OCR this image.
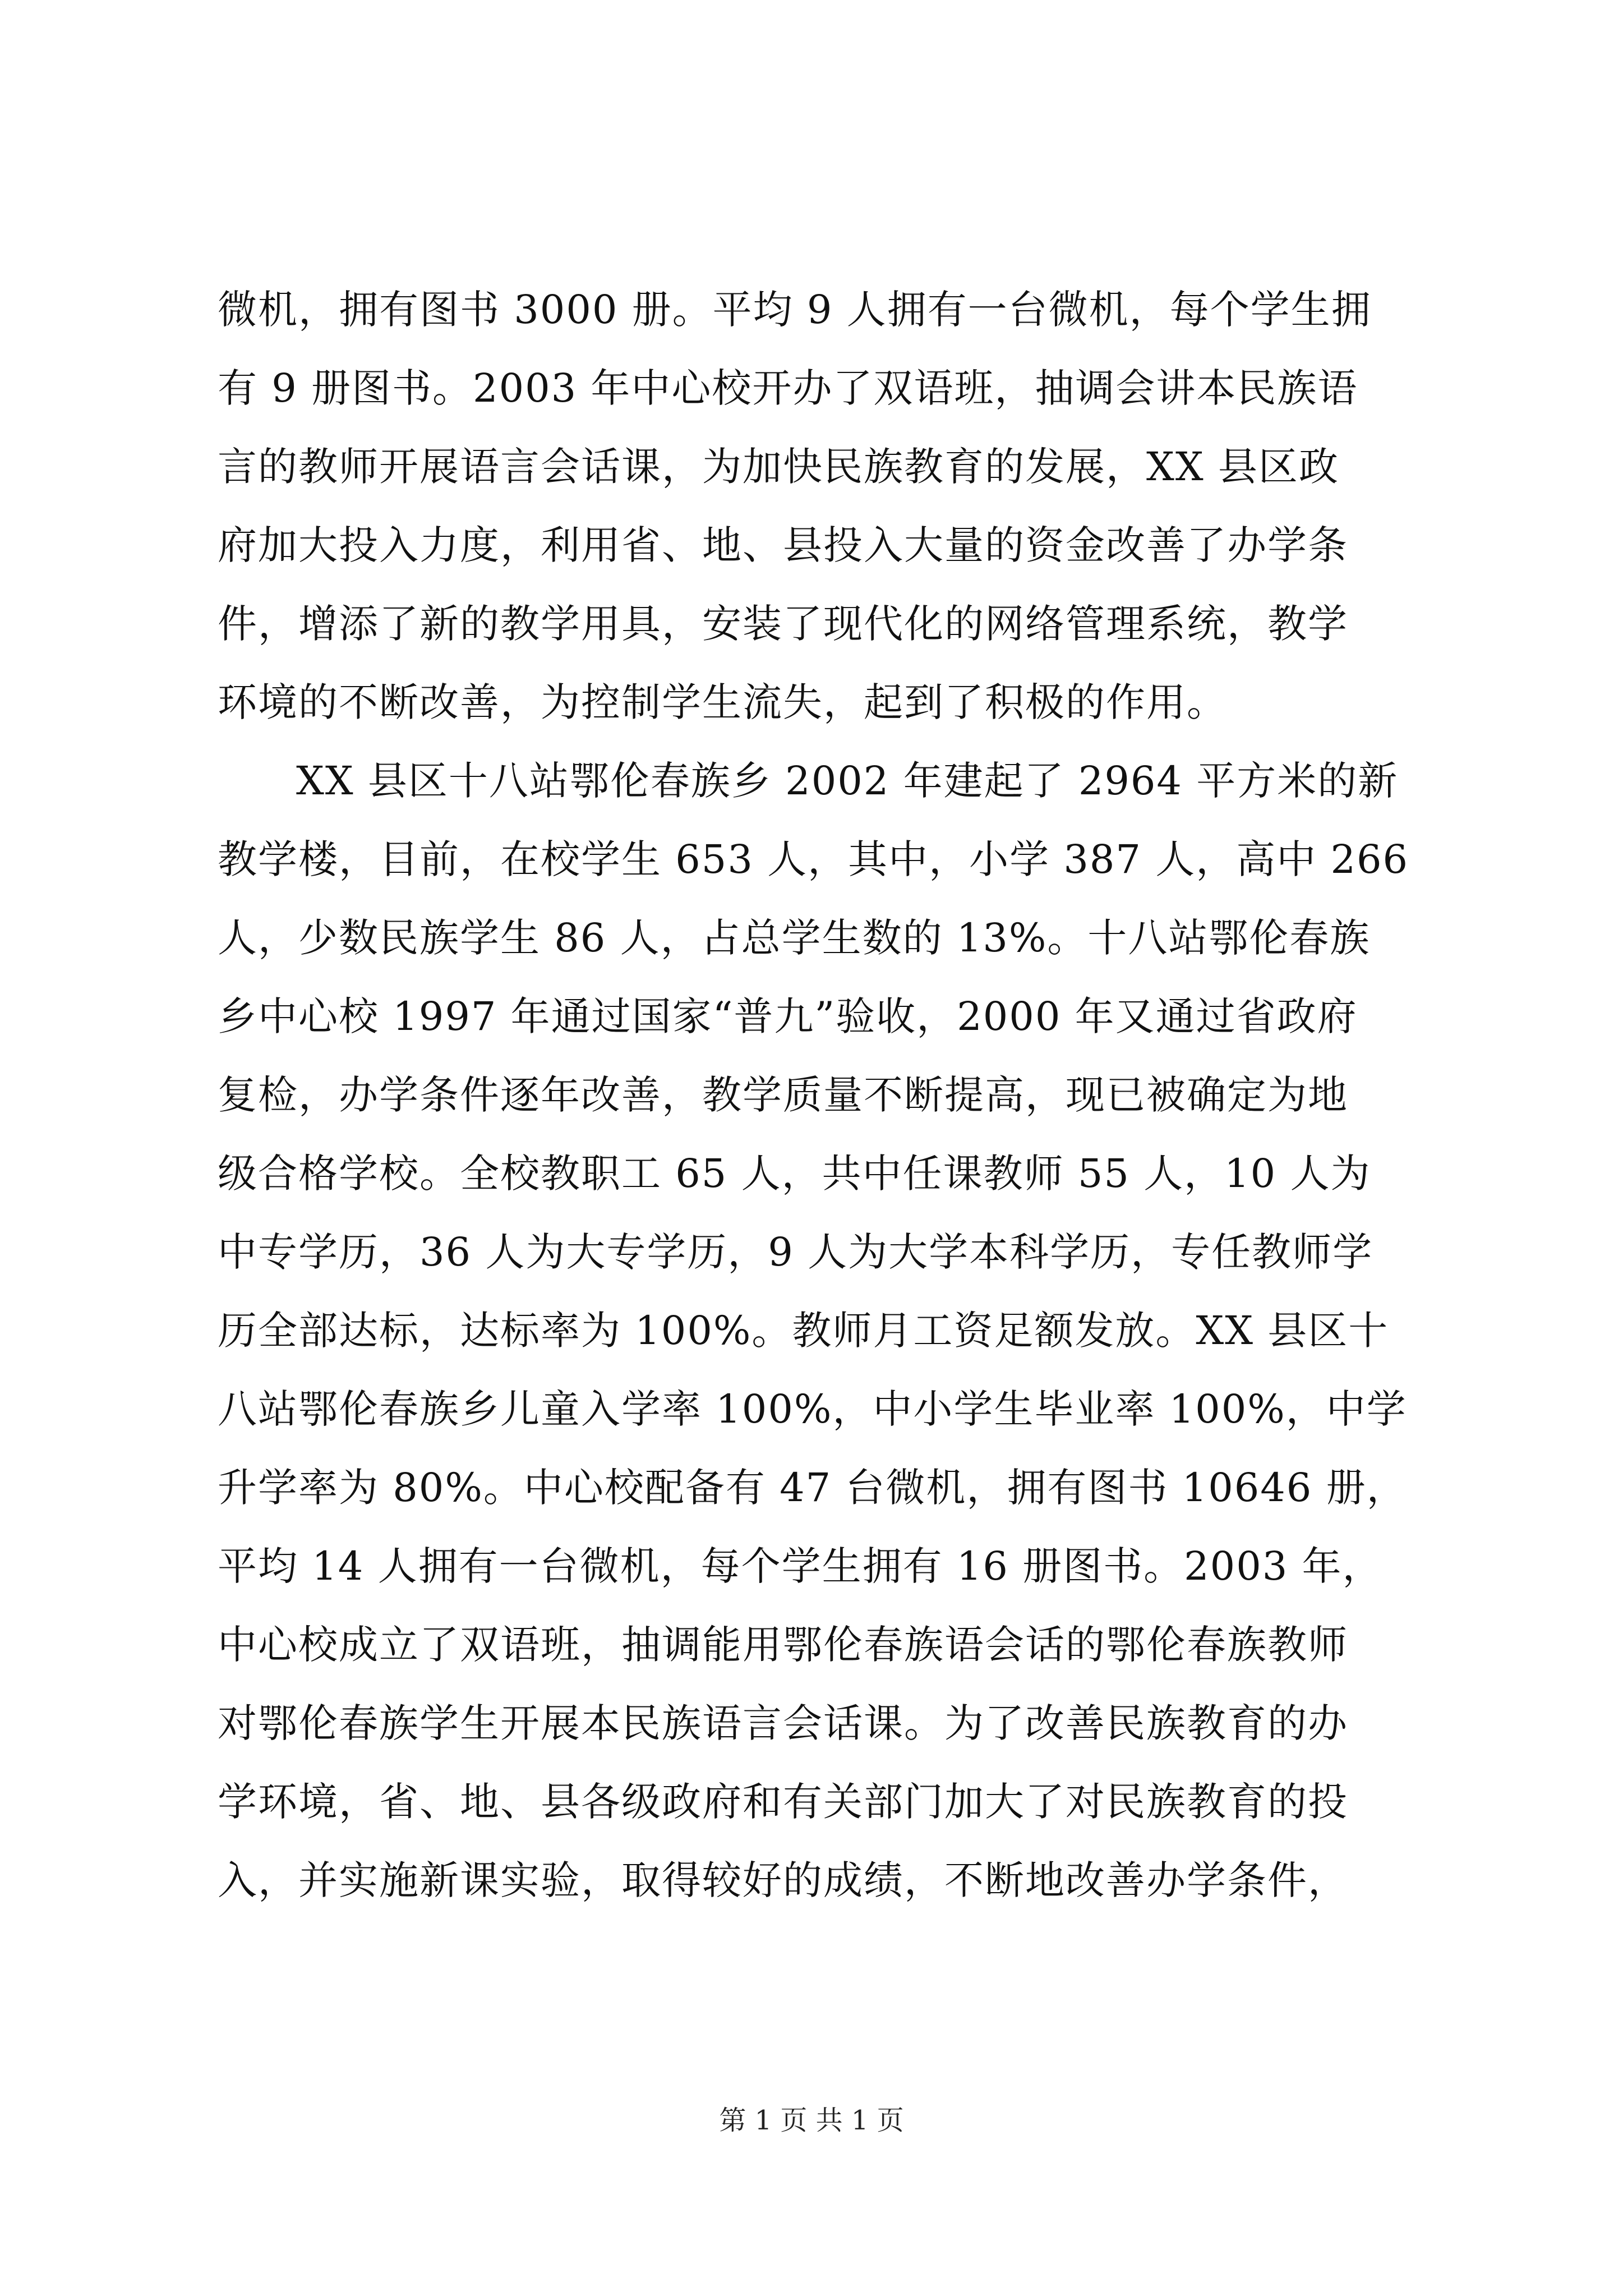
微机，拥有图书 3000 册。平均 9 人拥有一台微机，每个学生拥
有 9 册图书。2003 年中心校开办了双语班，抽调会讲本民族语
言的教师开展语言会话课，为加快民族教育的发展，XX 县区政
府加大投入力度，利用省、地、县投入大量的资金改善了办学条
件，增添了新的教学用具，安装了现代化的网络管理系统，教学
环境的不断改善，为控制学生流失，起到了积极的作用。
XX 县区十八站鄂伦春族乡 2002 年建起了 2964 平方米的新
教学楼，目前，在校学生 653 人，其中，小学 387 人，高中 266
人，少数民族学生 86 人，占总学生数的 13%。十八站鄂伦春族
乡中心校 1997 年通过国家“普九”验收，2000 年又通过省政府
复检，办学条件逐年改善，教学质量不断提高，现已被确定为地
级合格学校。全校教职工 65 人，共中任课教师 55 人，10 人为
中专学历，36 人为大专学历，9 人为大学本科学历，专任教师学
历全部达标，达标率为 100%。教师月工资足额发放。XX 县区十
八站鄂伦春族乡儿童入学率 100%，中小学生毕业率 100%，中学
升学率为 80%。中心校配备有 47 台微机，拥有图书 10646 册，
平均 14 人拥有一台微机，每个学生拥有 16 册图书。2003 年，
中心校成立了双语班，抽调能用鄂伦春族语会话的鄂伦春族教师
对鄂伦春族学生开展本民族语言会话课。为了改善民族教育的办
学环境，省、地、县各级政府和有关部门加大了对民族教育的投
入，并实施新课实验，取得较好的成绩，不断地改善办学条件，
第 1 页 共 1 页
